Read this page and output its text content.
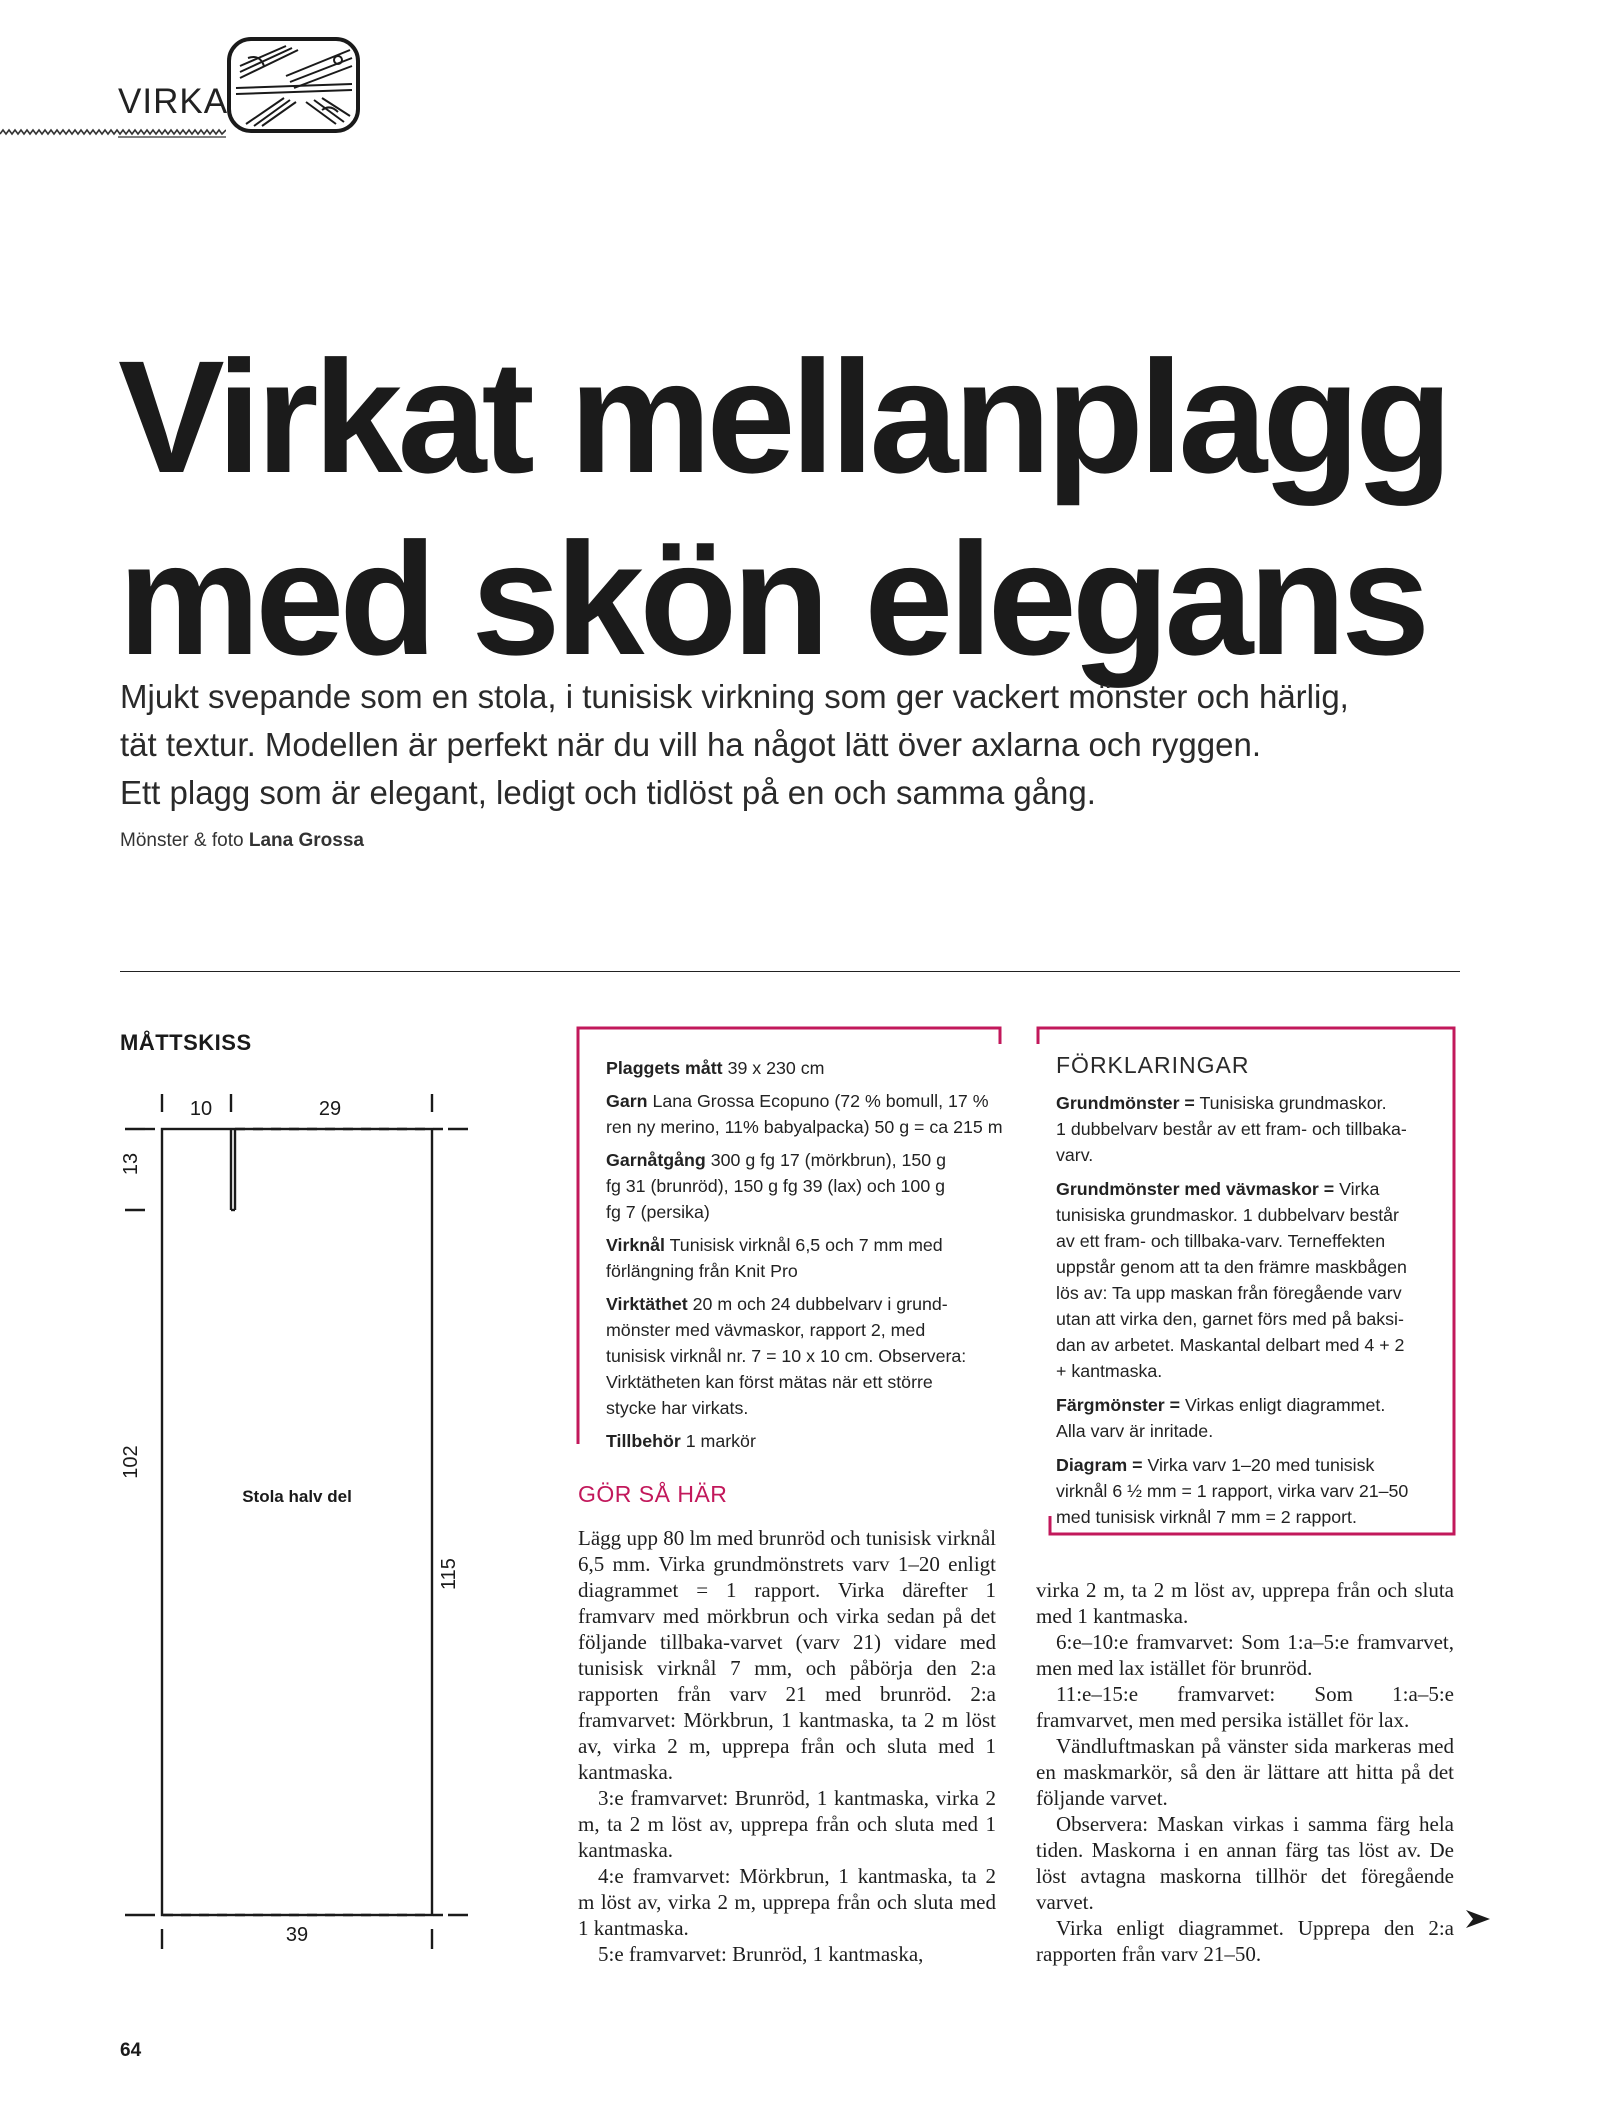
VIRKA
Virkat mellanplagg
med skön elegans
Mjukt svepande som en stola, i tunisisk virkning som ger vackert mönster och härlig,
tät textur. Modellen är perfekt när du vill ha något lätt över axlarna och ryggen.
Ett plagg som är elegant, ledigt och tidlöst på en och samma gång.
Mönster & foto Lana Grossa
MÅTTSKISS
10	29
39
13
102
115
Stola halv del

Plaggets mått 39 x 230 cm

Garn Lana Grossa Ecopuno (72 % bomull, 17 %
ren ny merino, 11% babyalpacka) 50 g = ca 215 m

Garnåtgång 300 g fg 17 (mörkbrun), 150 g
fg 31 (brunröd), 150 g fg 39 (lax) och 100 g
fg 7 (persika)

Virknål Tunisisk virknål 6,5 och 7 mm med
förlängning från Knit Pro

Virktäthet 20 m och 24 dubbelvarv i grund-
mönster med vävmaskor, rapport 2, med
tunisisk virknål nr. 7 = 10 x 10 cm. Observera:
Virktätheten kan först mätas när ett större
stycke har virkats.

Tillbehör 1 markör

FÖRKLARINGAR

Grundmönster = Tunisiska grundmaskor.
1 dubbelvarv består av ett fram- och tillbaka-
varv.

Grundmönster med vävmaskor = Virka
tunisiska grundmaskor. 1 dubbelvarv består
av ett fram- och tillbaka-varv. Terneffekten
uppstår genom att ta den främre maskbågen
lös av: Ta upp maskan från föregående varv
utan att virka den, garnet förs med på baksi-
dan av arbetet. Maskantal delbart med 4 + 2
+ kantmaska.

Färgmönster = Virkas enligt diagrammet.
Alla varv är inritade.

Diagram = Virka varv 1–20 med tunisisk
virknål 6 ½ mm = 1 rapport, virka varv 21–50
med tunisisk virknål 7 mm = 2 rapport.

GÖR SÅ HÄR

Lägg upp 80 lm med brunröd och tunisisk virknål 6,5 mm. Virka grundmönstrets varv 1–20 enligt diagrammet = 1 rapport. Virka därefter 1 framvarv med mörkbrun och virka sedan på det följande tillbaka-varvet (varv 21) vidare med tunisisk virknål 7 mm, och påbörja den 2:a rapporten från varv 21 med brunröd. 2:a framvarvet: Mörkbrun, 1 kantmaska, ta 2 m löst av, virka 2 m, upprepa från och sluta med 1 kantmaska.

3:e framvarvet: Brunröd, 1 kantmaska, virka 2 m, ta 2 m löst av, upprepa från och sluta med 1 kantmaska.

4:e framvarvet: Mörkbrun, 1 kantmaska, ta 2 m löst av, virka 2 m, upprepa från och sluta med 1 kantmaska.

5:e framvarvet: Brunröd, 1 kantmaska,

virka 2 m, ta 2 m löst av, upprepa från och sluta med 1 kantmaska.

6:e–10:e framvarvet: Som 1:a–5:e framvarvet, men med lax istället för brunröd.

11:e–15:e framvarvet: Som 1:a–5:e framvarvet, men med persika istället för lax.

Vändluftmaskan på vänster sida markeras med en maskmarkör, så den är lättare att hitta på det följande varvet.

Observera: Maskan virkas i samma färg hela tiden. Maskorna i en annan färg tas löst av. De löst avtagna maskorna tillhör det föregående varvet.

Virka enligt diagrammet. Upprepa den 2:a rapporten från varv 21–50.

64
